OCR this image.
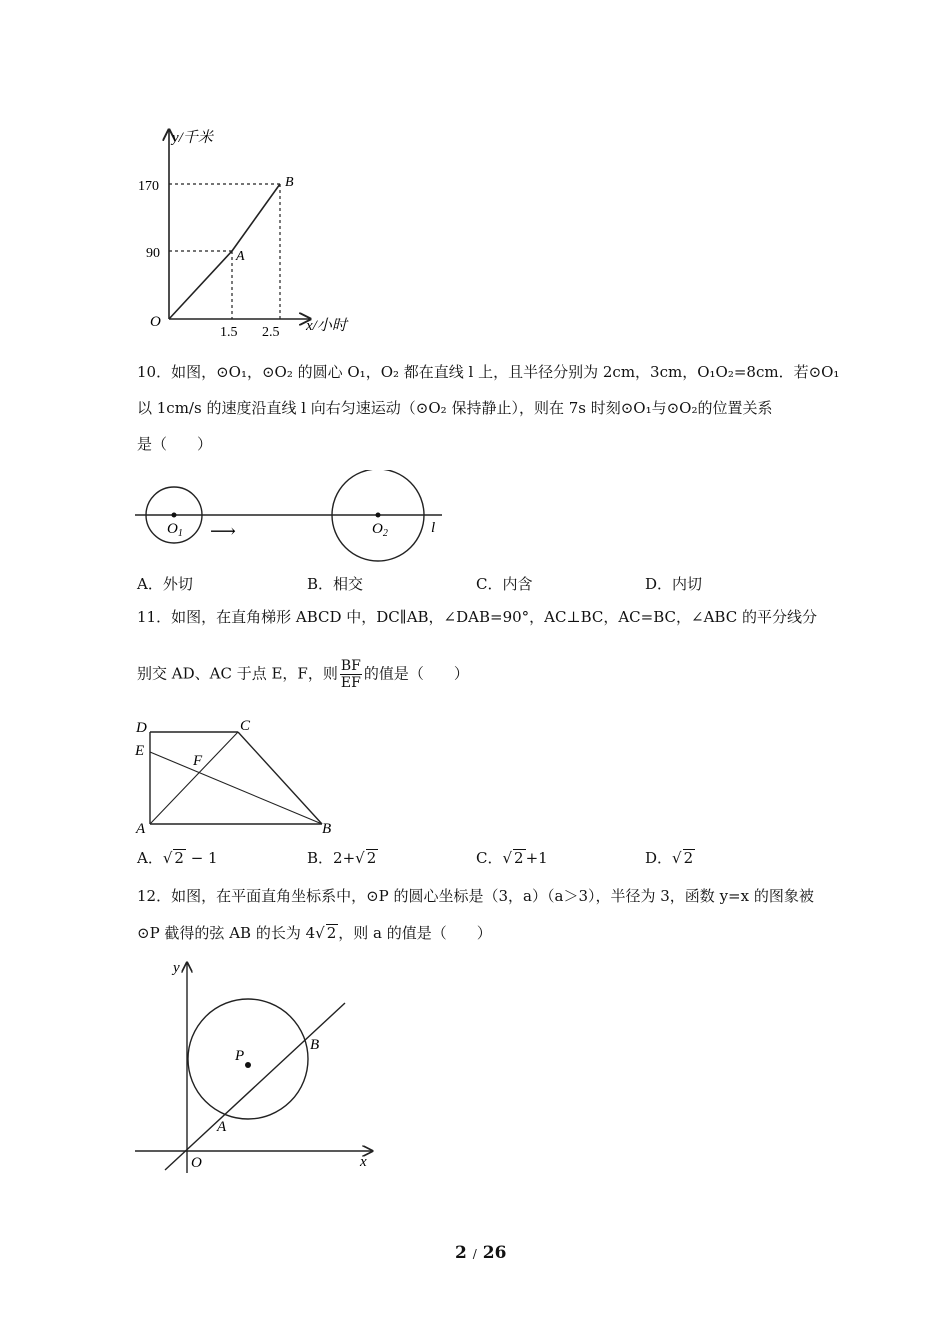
y/千米
x/小时
O
170
90
1.5 2.5
A
B
10．如图，⊙O₁，⊙O₂ 的圆心 O₁，O₂ 都在直线 l 上，且半径分别为 2cm，3cm，O₁O₂=8cm．若⊙O₁
以 1cm/s 的速度沿直线 l 向右匀速运动（⊙O₂ 保持静止），则在 7s 时刻⊙O₁与⊙O₂的位置关系
是（　　）
$O_1$	$O_2$	l
⟶
A．外切	B．相交	C．内含	D．内切
11．如图，在直角梯形 ABCD 中，DC∥AB，∠DAB=90°，AC⊥BC，AC=BC，∠ABC 的平分线分
别交 AD、AC 于点 E，F，则 $\frac{BF}{EF}$ 的值是（　　）
D	C
E
F
A	B
A．√ 2 − 1	B．2+√ 2	C．√ 2 +1	D．√ 2
12．如图，在平面直角坐标系中，⊙P 的圆心坐标是（3，a）（a＞3），半径为 3，函数 y=x 的图象被
⊙P 截得的弦 AB 的长为 4√ 2 ，则 a 的值是（　　）
y
x
O
P
A
B
2 / 26
